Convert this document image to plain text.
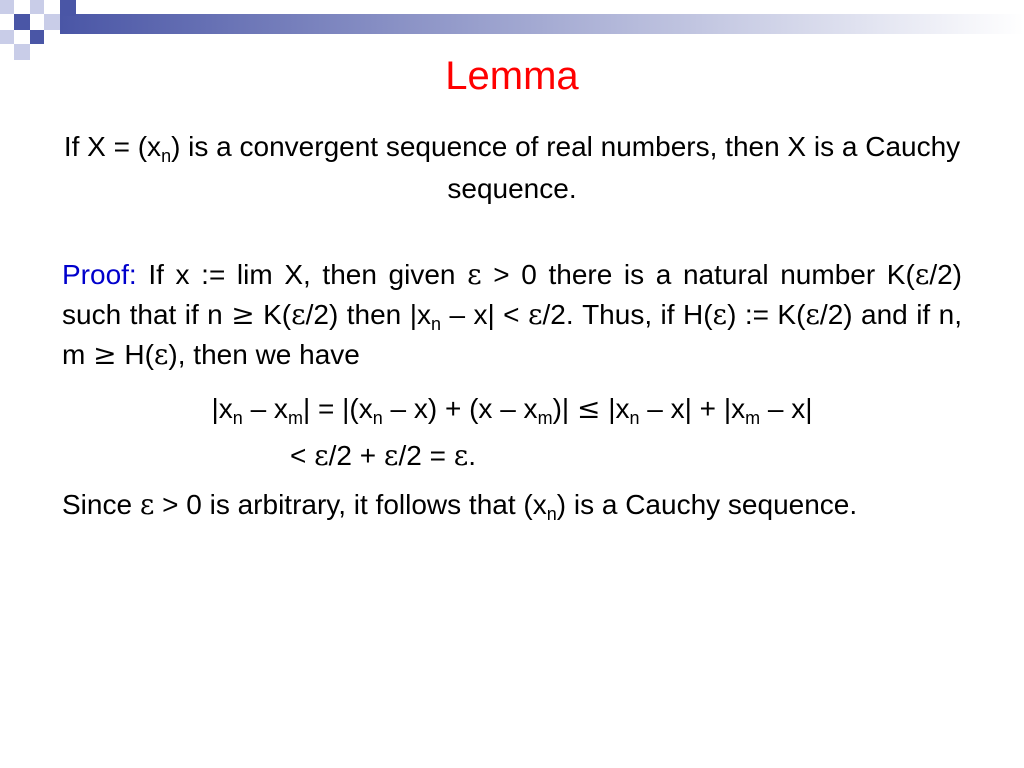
Lemma
If $X = (x_n)$ is a convergent sequence of real numbers, then X is a Cauchy sequence.
Proof: If x := lim X, then given ε > 0 there is a natural number K(ε/2) such that if n ≥ K(ε/2) then $|x_n - x| < \varepsilon/2$. Thus, if H(ε) := K(ε/2) and if n, m ≥ H(ε), then we have
$|x_n - x_m| = |(x_n - x) + (x - x_m)| \le |x_n - x| + |x_m - x|$
< ε/2 + ε/2 = ε.
Since ε > 0 is arbitrary, it follows that $(x_n)$ is a Cauchy sequence.
